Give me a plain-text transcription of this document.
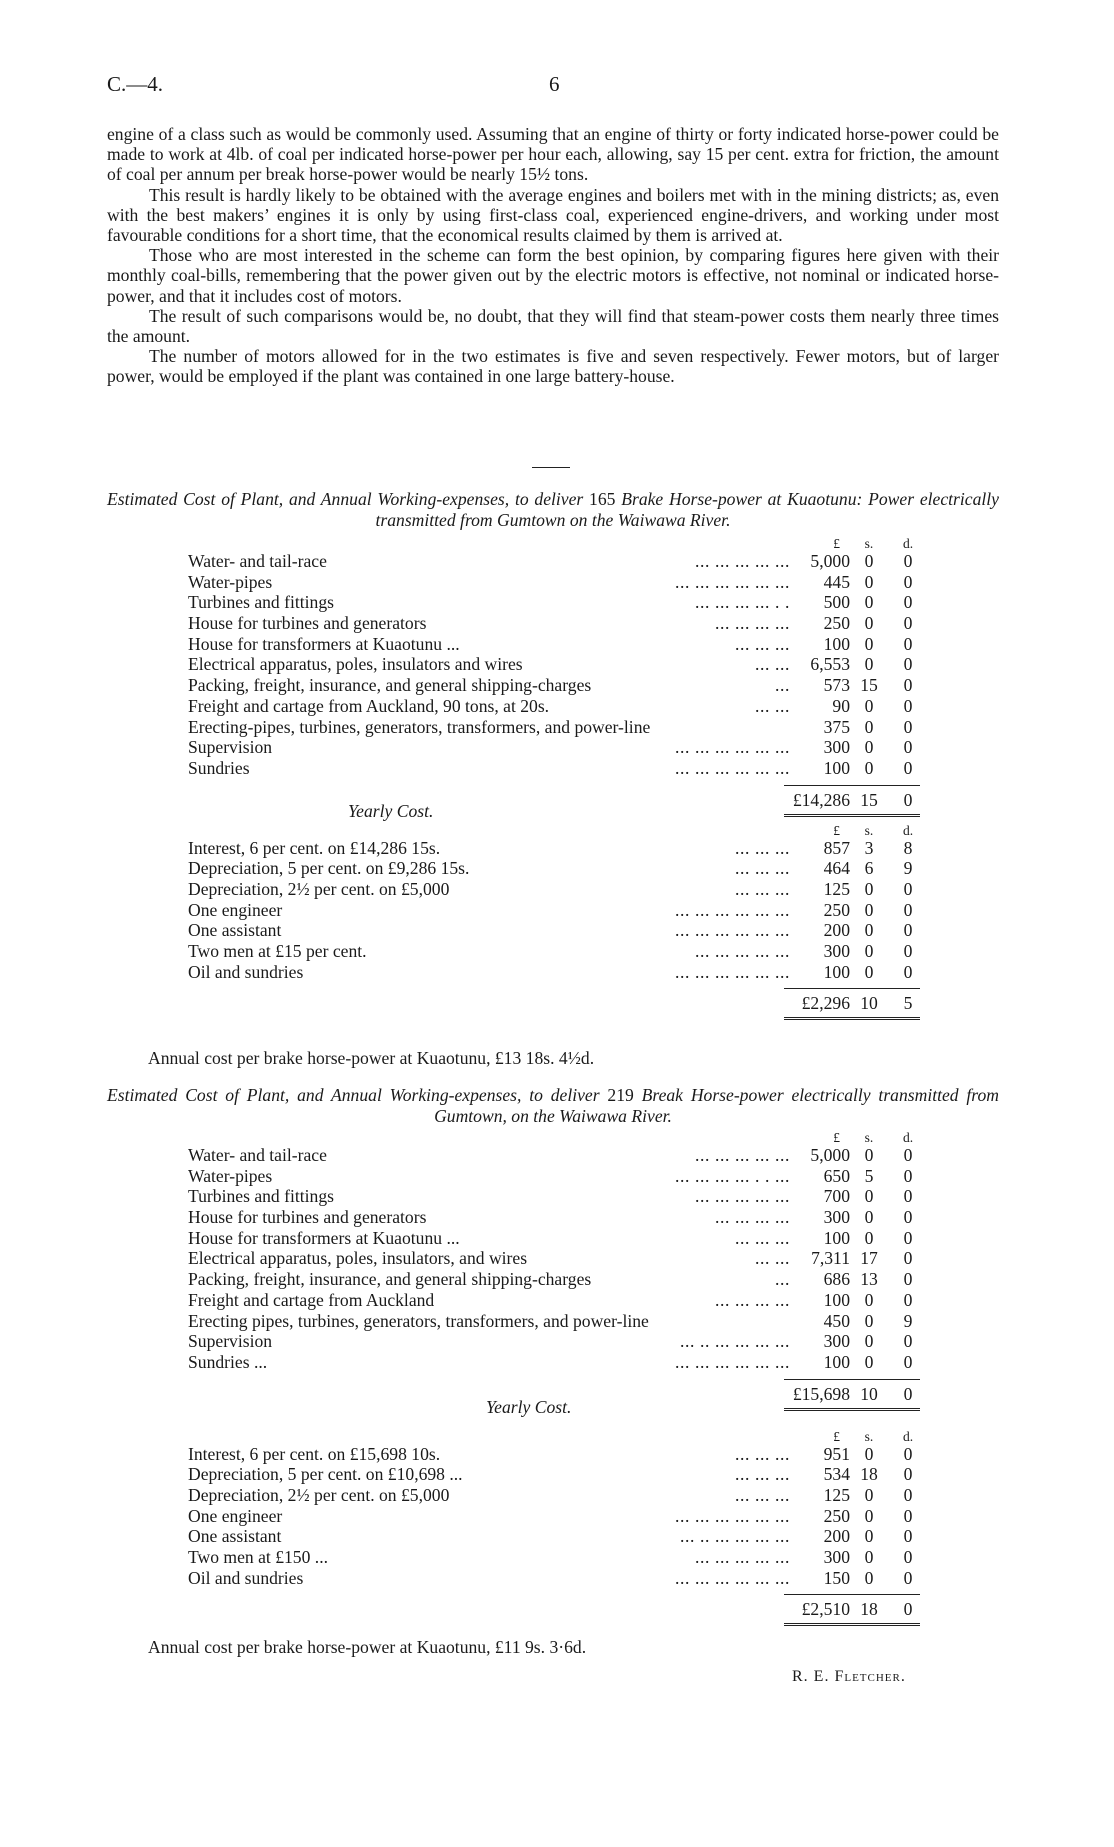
C.—4.	6

engine of a class such as would be commonly used. Assuming that an engine of thirty or forty indicated horse-power could be made to work at 4lb. of coal per indicated horse-power per hour each, allowing, say 15 per cent. extra for friction, the amount of coal per annum per break horse-power would be nearly 15½ tons.

This result is hardly likely to be obtained with the average engines and boilers met with in the mining districts; as, even with the best makers’ engines it is only by using first-class coal, experienced engine-drivers, and working under most favourable conditions for a short time, that the economical results claimed by them is arrived at.

Those who are most interested in the scheme can form the best opinion, by comparing figures here given with their monthly coal-bills, remembering that the power given out by the electric motors is effective, not nominal or indicated horse-power, and that it includes cost of motors.

The result of such comparisons would be, no doubt, that they will find that steam-power costs them nearly three times the amount.

The number of motors allowed for in the two estimates is five and seven respectively. Fewer motors, but of larger power, would be employed if the plant was contained in one large battery-house.

Estimated Cost of Plant, and Annual Working-expenses, to deliver 165 Brake Horse-power at Kuaotunu: Power electrically transmitted from Gumtown on the Waiwawa River.
£	s.	d.
Water- and tail-race	... ... ... ... ... 5,000 0	0
Water-pipes	... ... ... ... ... ... 445 0	0
Turbines and fittings	... ... ... ... . . 500 0	0
House for turbines and generators	... ... ... ... 250 0	0
House for transformers at Kuaotunu ...	... ... ... 100 0	0
Electrical apparatus, poles, insulators and wires	... ... 6,553 0	0
Packing, freight, insurance, and general shipping-charges	... 573 15	0
Freight and cartage from Auckland, 90 tons, at 20s.	... ... 90 0	0
Erecting-pipes, turbines, generators, transformers, and power-line	375 0	0
Supervision	... ... ... ... ... ... 300 0	0
Sundries	... ... ... ... ... ... 100 0	0
£14,286 15	0
Yearly Cost.
£	s.	d.
Interest, 6 per cent. on £14,286 15s.	... ... ... 857 3	8
Depreciation, 5 per cent. on £9,286 15s.	... ... ... 464 6	9
Depreciation, 2½ per cent. on £5,000	... ... ... 125 0	0
One engineer	... ... ... ... ... ... 250 0	0
One assistant	... ... ... ... ... ... 200 0	0
Two men at £15 per cent.	... ... ... ... ... 300 0	0
Oil and sundries	... ... ... ... ... ... 100 0	0
£2,296 10	5
Annual cost per brake horse-power at Kuaotunu, £13 18s. 4½d.
Estimated Cost of Plant, and Annual Working-expenses, to deliver 219 Break Horse-power electrically transmitted from Gumtown, on the Waiwawa River.
£	s.	d.
Water- and tail-race	... ... ... ... ... 5,000 0	0
Water-pipes	... ... ... ... . . ... 650 5	0
Turbines and fittings	... ... ... ... ... 700 0	0
House for turbines and generators	... ... ... ... 300 0	0
House for transformers at Kuaotunu ...	... ... ... 100 0	0
Electrical apparatus, poles, insulators, and wires	... ... 7,311 17	0
Packing, freight, insurance, and general shipping-charges	... 686 13	0
Freight and cartage from Auckland	... ... ... ... 100 0	0
Erecting pipes, turbines, generators, transformers, and power-line	450 0	9
Supervision	... .. ... ... ... ... 300 0	0
Sundries ...	... ... ... ... ... ... 100 0	0
£15,698 10	0
Yearly Cost.
£	s.	d.
Interest, 6 per cent. on £15,698 10s.	... ... ... 951 0	0
Depreciation, 5 per cent. on £10,698 ...	... ... ... 534 18	0
Depreciation, 2½ per cent. on £5,000	... ... ... 125 0	0
One engineer	... ... ... ... ... ... 250 0	0
One assistant	... .. ... ... ... ... 200 0	0
Two men at £150 ...	... ... ... ... ... 300 0	0
Oil and sundries	... ... ... ... ... ... 150 0	0
£2,510 18	0
Annual cost per brake horse-power at Kuaotunu, £11 9s. 3·6d.
R. E. Fletcher.
